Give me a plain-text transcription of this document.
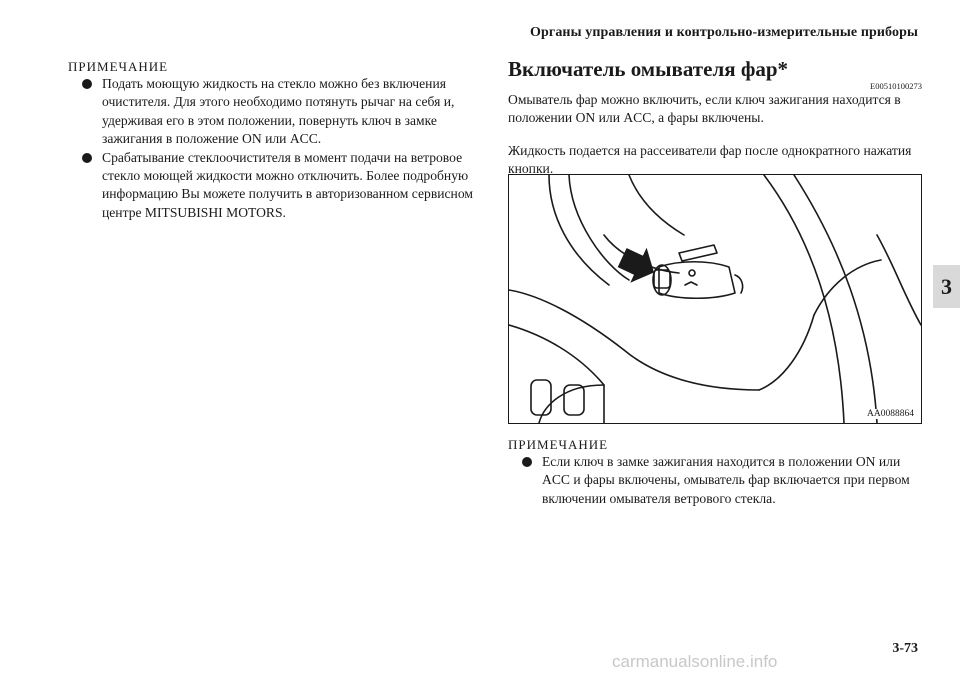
Органы управления и контрольно-измерительные приборы
3
ПРИМЕЧАНИЕ
Подать моющую жидкость на стекло можно без включения очистителя. Для этого необходимо потянуть рычаг на себя и, удерживая его в этом положении, повернуть ключ в замке зажигания в положение ON или ACC.
Срабатывание стеклоочистителя в момент подачи на ветровое стекло моющей жидкости можно отключить. Более подробную информацию Вы можете получить в авторизованном сервисном центре MITSUBISHI MOTORS.
Включатель омывателя фар*
E00510100273

Омыватель фар можно включить, если ключ зажигания находится в положении ON или ACC, а фары включены.

Жидкость подается на рассеиватели фар после однократного нажатия кнопки.

AA0088864
ПРИМЕЧАНИЕ
Если ключ в замке зажигания находится в положении ON или ACC и фары включены, омыватель фар включается при первом включении омывателя ветрового стекла.
3-73
carmanualsonline.info
